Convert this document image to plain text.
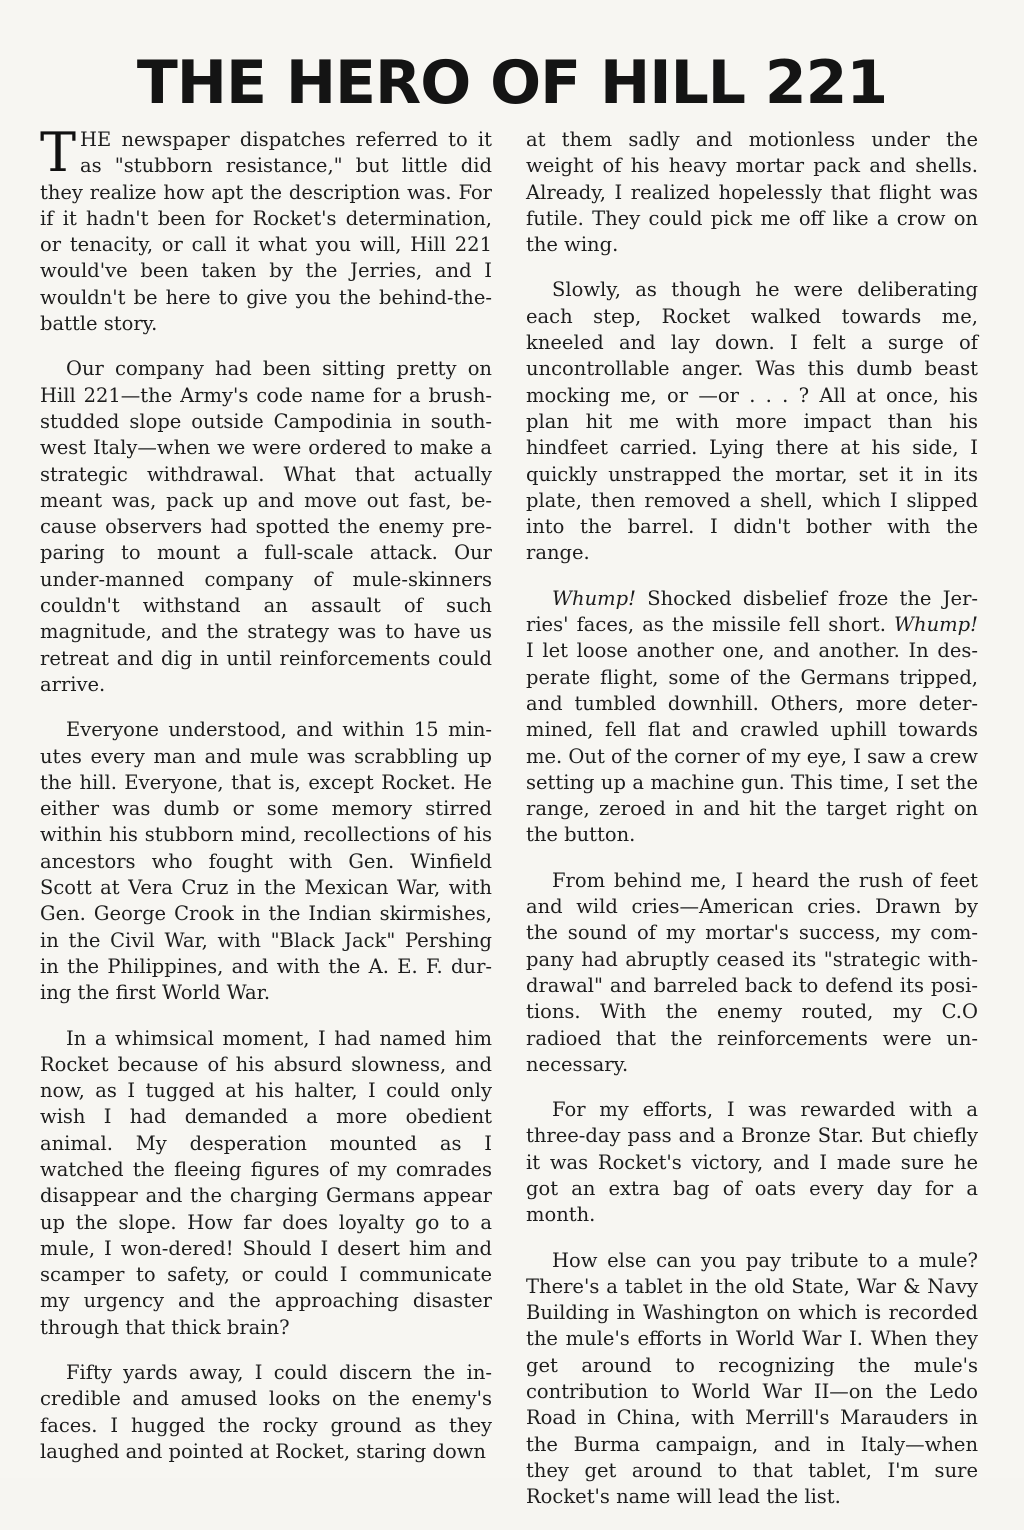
THE HERO OF HILL 221

THE newspaper dispatches referred to it as "stubborn resistance," but little did they realize how apt the description was. For if it hadn't been for Rocket's determination, or tenacity, or call it what you will, Hill 221 would've been taken by the Jerries, and I wouldn't be here to give you the behind-the-battle story.

Our company had been sitting pretty on Hill 221—the Army's code name for a brush-studded slope outside Campodinia in south-west Italy—when we were ordered to make a strategic withdrawal. What that actually meant was, pack up and move out fast, be-cause observers had spotted the enemy pre-paring to mount a full-scale attack. Our under-manned company of mule-skinners couldn't withstand an assault of such magnitude, and the strategy was to have us retreat and dig in until reinforcements could arrive.

Everyone understood, and within 15 min-utes every man and mule was scrabbling up the hill. Everyone, that is, except Rocket. He either was dumb or some memory stirred within his stubborn mind, recollections of his ancestors who fought with Gen. Winfield Scott at Vera Cruz in the Mexican War, with Gen. George Crook in the Indian skirmishes, in the Civil War, with "Black Jack" Pershing in the Philippines, and with the A. E. F. dur-ing the first World War.

In a whimsical moment, I had named him Rocket because of his absurd slowness, and now, as I tugged at his halter, I could only wish I had demanded a more obedient animal. My desperation mounted as I watched the fleeing figures of my comrades disappear and the charging Germans appear up the slope. How far does loyalty go to a mule, I won-dered! Should I desert him and scamper to safety, or could I communicate my urgency and the approaching disaster through that thick brain?

Fifty yards away, I could discern the in-credible and amused looks on the enemy's faces. I hugged the rocky ground as they laughed and pointed at Rocket, staring down

at them sadly and motionless under the weight of his heavy mortar pack and shells. Already, I realized hopelessly that flight was futile. They could pick me off like a crow on the wing.

Slowly, as though he were deliberating each step, Rocket walked towards me, kneeled and lay down. I felt a surge of uncontrollable anger. Was this dumb beast mocking me, or —or . . . ? All at once, his plan hit me with more impact than his hindfeet carried. Lying there at his side, I quickly unstrapped the mortar, set it in its plate, then removed a shell, which I slipped into the barrel. I didn't bother with the range.

Whump! Shocked disbelief froze the Jer-ries' faces, as the missile fell short. Whump! I let loose another one, and another. In des-perate flight, some of the Germans tripped, and tumbled downhill. Others, more deter-mined, fell flat and crawled uphill towards me. Out of the corner of my eye, I saw a crew setting up a machine gun. This time, I set the range, zeroed in and hit the target right on the button.

From behind me, I heard the rush of feet and wild cries—American cries. Drawn by the sound of my mortar's success, my com-pany had abruptly ceased its "strategic with-drawal" and barreled back to defend its posi-tions. With the enemy routed, my C.O radioed that the reinforcements were un-necessary.

For my efforts, I was rewarded with a three-day pass and a Bronze Star. But chiefly it was Rocket's victory, and I made sure he got an extra bag of oats every day for a month.

How else can you pay tribute to a mule? There's a tablet in the old State, War & Navy Building in Washington on which is recorded the mule's efforts in World War I. When they get around to recognizing the mule's contribution to World War II—on the Ledo Road in China, with Merrill's Marauders in the Burma campaign, and in Italy—when they get around to that tablet, I'm sure Rocket's name will lead the list.
